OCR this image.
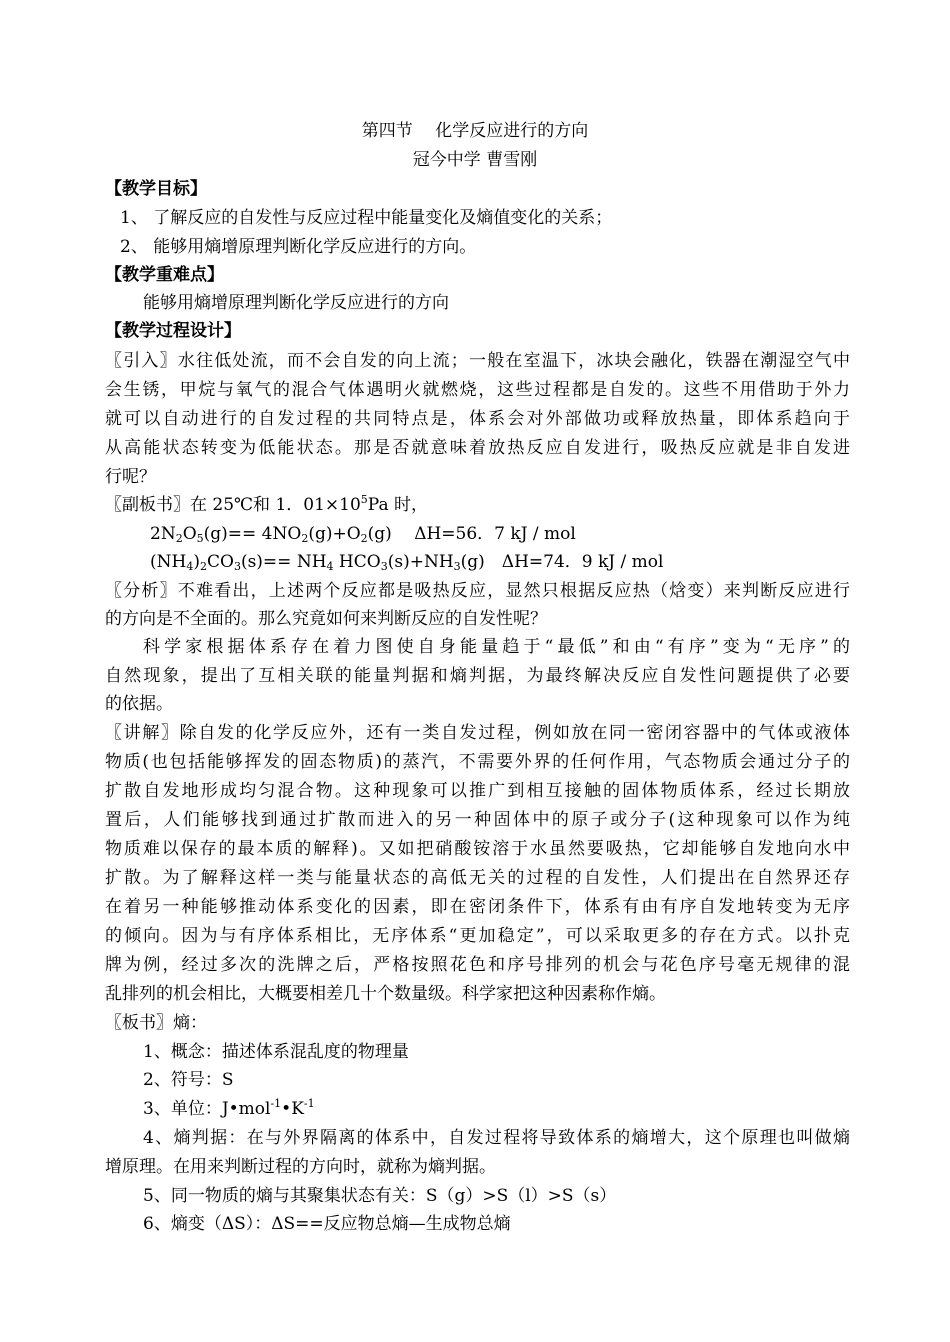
第四节　 化学反应进行的方向
冠今中学 曹雪刚
【教学目标】
1、 了解反应的自发性与反应过程中能量变化及熵值变化的关系；
2、 能够用熵增原理判断化学反应进行的方向。
【教学重难点】
能够用熵增原理判断化学反应进行的方向
【教学过程设计】
〖引入〗水往低处流，而不会自发的向上流；一般在室温下，冰块会融化，铁器在潮湿空气中
会生锈，甲烷与氧气的混合气体遇明火就燃烧，这些过程都是自发的。这些不用借助于外力
就可以自动进行的自发过程的共同特点是，体系会对外部做功或释放热量，即体系趋向于
从高能状态转变为低能状态。那是否就意味着放热反应自发进行，吸热反应就是非自发进
行呢？
〖副板书〗在 25℃和 1．$01\times 10^5Pa$ 时，
$2N_2O_5(g)== 4NO_2(g)+O_2(g)$　 ΔH=56．7 kJ / mol
$(NH_4)_2CO_3(s)== NH_4$ $HCO_3(s)+NH_3(g)$　ΔH=74．9 kJ / mol
〖分析〗不难看出，上述两个反应都是吸热反应，显然只根据反应热（焓变）来判断反应进行
的方向是不全面的。那么究竟如何来判断反应的自发性呢？
科学家根据体系存在着力图使自身能量趋于“最低”和由“有序”变为“无序”的
自然现象，提出了互相关联的能量判据和熵判据，为最终解决反应自发性问题提供了必要
的依据。
〖讲解〗除自发的化学反应外，还有一类自发过程，例如放在同一密闭容器中的气体或液体
物质(也包括能够挥发的固态物质)的蒸汽，不需要外界的任何作用，气态物质会通过分子的
扩散自发地形成均匀混合物。这种现象可以推广到相互接触的固体物质体系，经过长期放
置后，人们能够找到通过扩散而进入的另一种固体中的原子或分子(这种现象可以作为纯
物质难以保存的最本质的解释)。又如把硝酸铵溶于水虽然要吸热，它却能够自发地向水中
扩散。为了解释这样一类与能量状态的高低无关的过程的自发性，人们提出在自然界还存
在着另一种能够推动体系变化的因素，即在密闭条件下，体系有由有序自发地转变为无序
的倾向。因为与有序体系相比，无序体系“更加稳定”，可以采取更多的存在方式。以扑克
牌为例，经过多次的洗牌之后，严格按照花色和序号排列的机会与花色序号毫无规律的混
乱排列的机会相比，大概要相差几十个数量级。科学家把这种因素称作熵。
〖板书〗熵：
1、概念：描述体系混乱度的物理量
2、符号：S
3、单位：$J•mol^{-1}•K^{-1}$
4、熵判据：在与外界隔离的体系中，自发过程将导致体系的熵增大，这个原理也叫做熵
增原理。在用来判断过程的方向时，就称为熵判据。
5、同一物质的熵与其聚集状态有关：S（g）>S（l）>S（s）
6、熵变（ΔS）：ΔS==反应物总熵—生成物总熵
